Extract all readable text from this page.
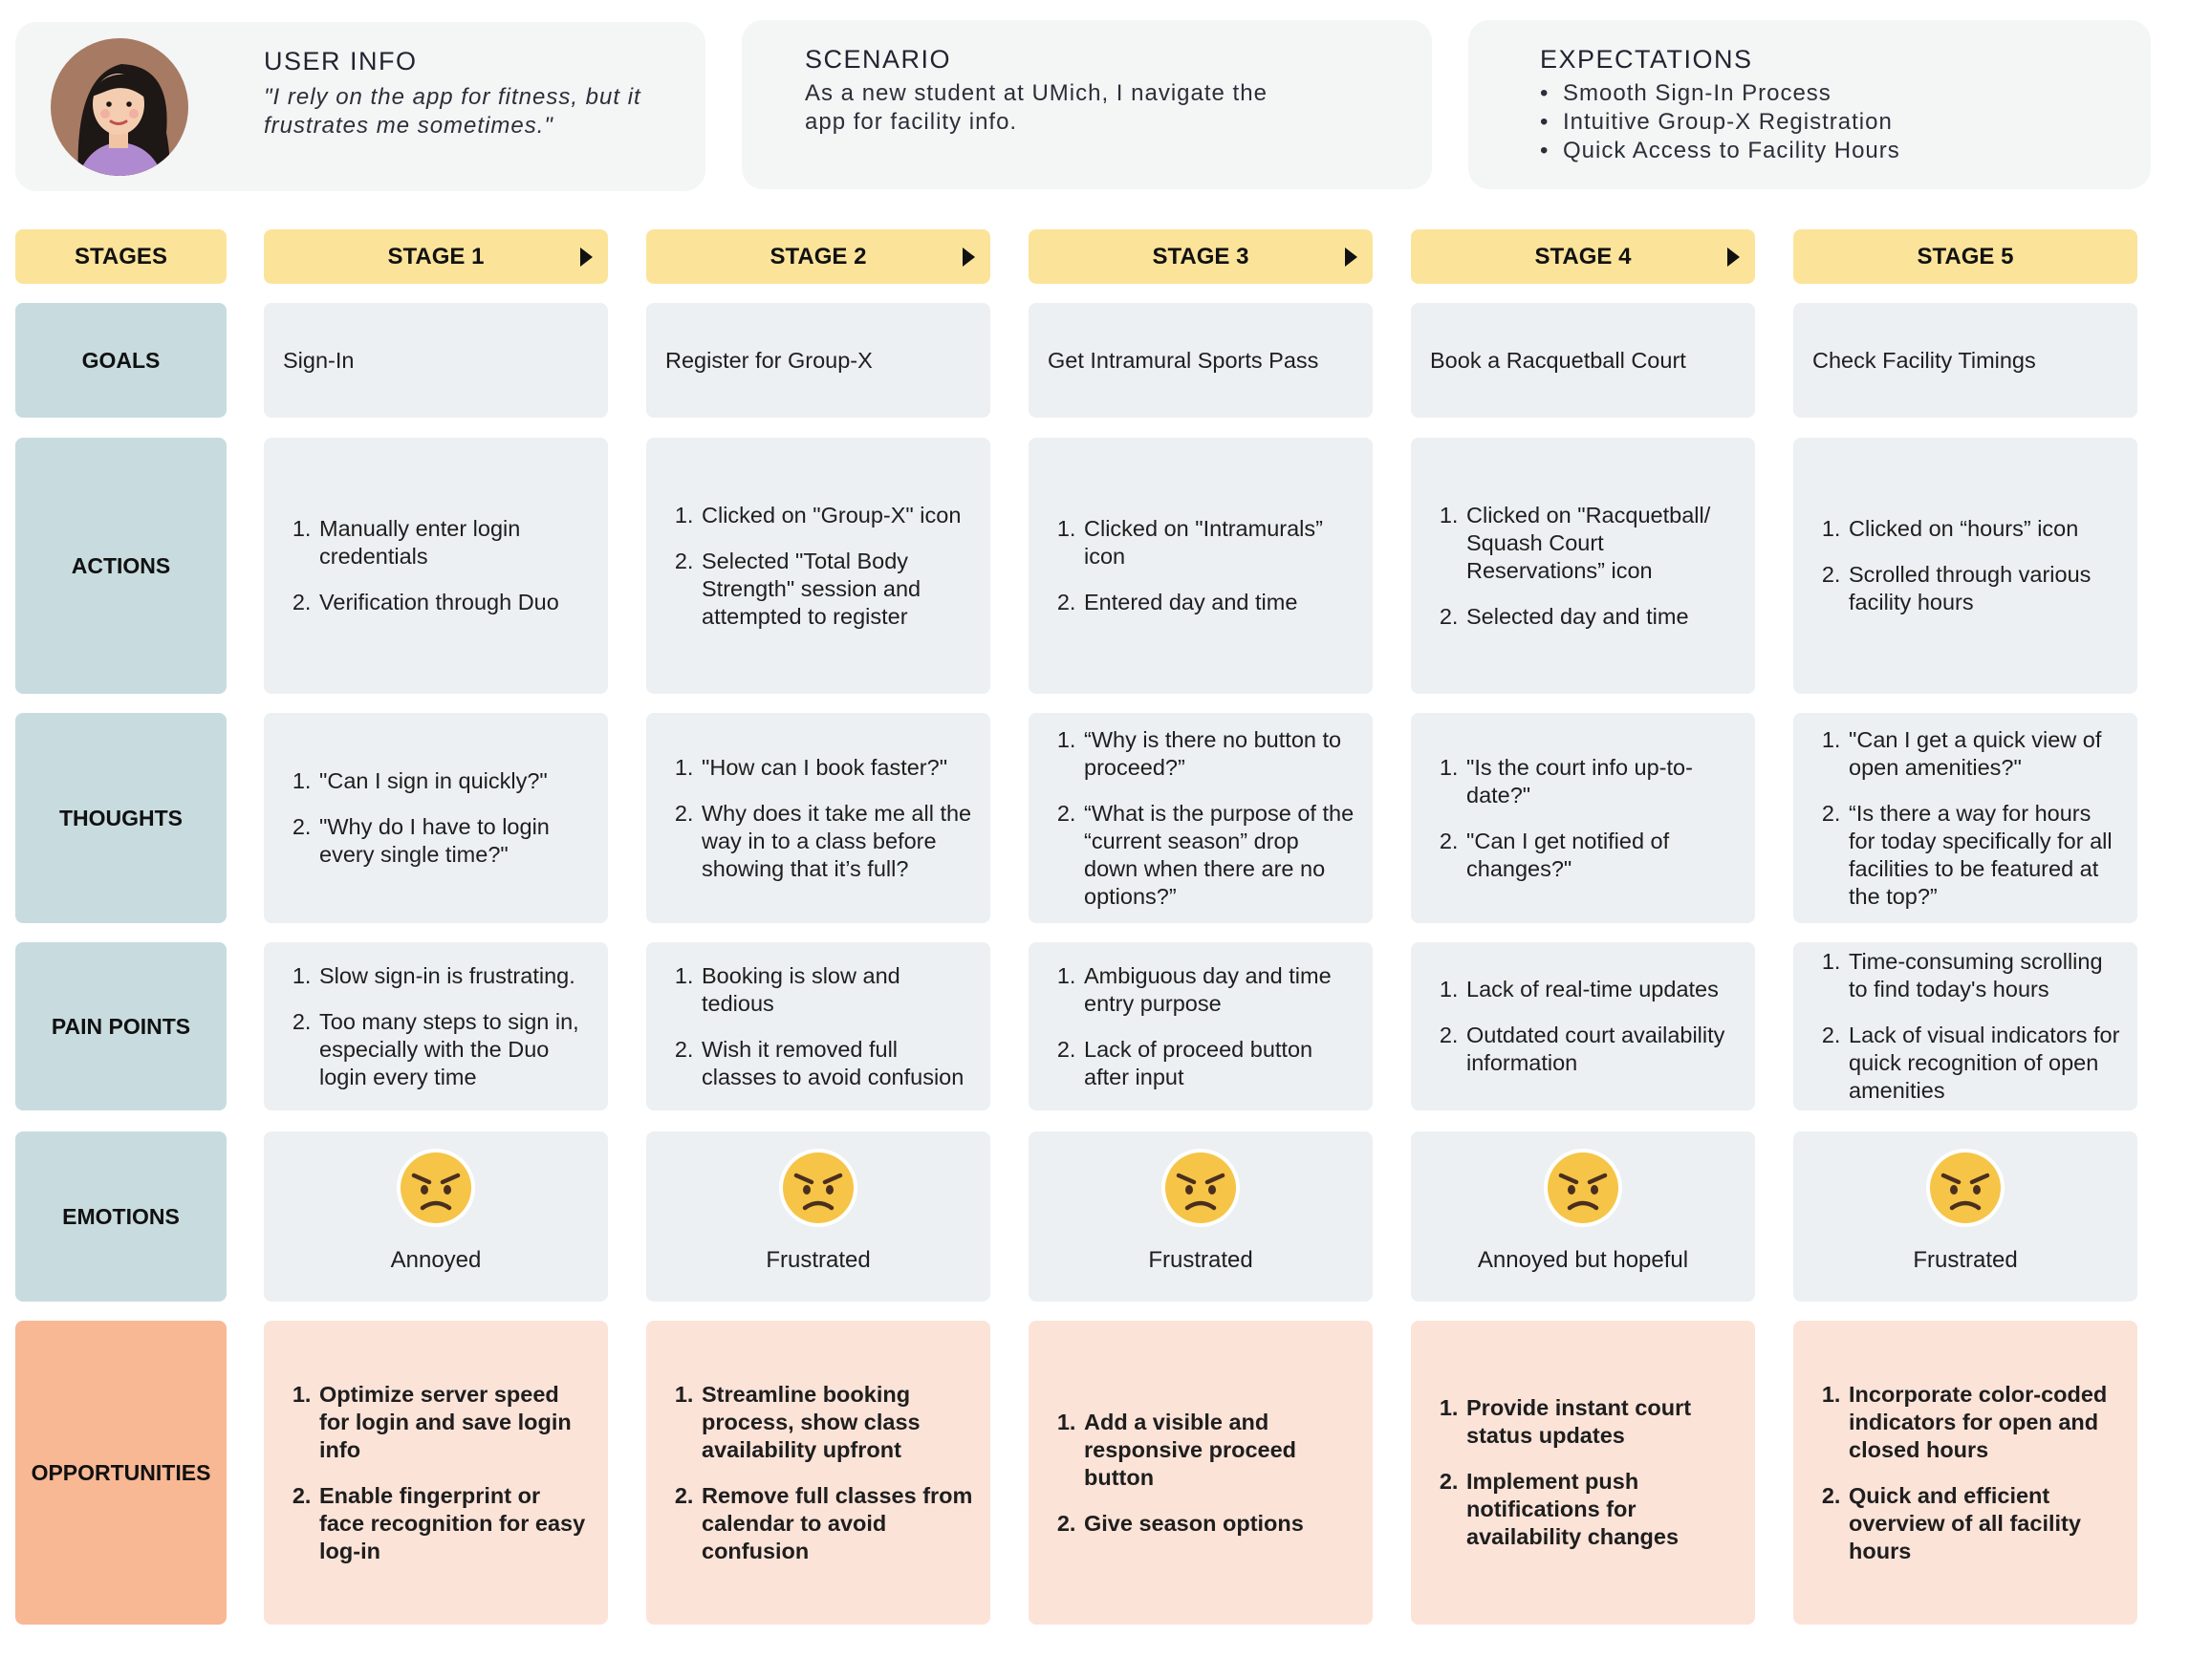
USER INFO
"I rely on the app for fitness, but it frustrates me sometimes."
SCENARIO
As a new student at UMich, I navigate the app for facility info.
EXPECTATIONS
• Smooth Sign-In Process
• Intuitive Group-X Registration
• Quick Access to Facility Hours
STAGES	STAGE 1	STAGE 2	STAGE 3	STAGE 4	STAGE 5
GOALS	Sign-In	Register for Group-X	Get Intramural Sports Pass	Book a Racquetball Court	Check Facility Timings
ACTIONS
1. Manually enter login credentials
2. Verification through Duo
1. Clicked on "Group-X" icon
2. Selected "Total Body Strength" session and attempted to register
1. Clicked on "Intramurals” icon
2. Entered day and time
1. Clicked on "Racquetball/ Squash Court Reservations” icon
2. Selected day and time
1. Clicked on “hours” icon
2. Scrolled through various facility hours
THOUGHTS
1. "Can I sign in quickly?"
2. "Why do I have to login every single time?"
1. "How can I book faster?"
2. Why does it take me all the way in to a class before showing that it’s full?
1. “Why is there no button to proceed?”
2. “What is the purpose of the “current season” drop down when there are no options?”
1. "Is the court info up-to-date?"
2. "Can I get notified of changes?"
1. "Can I get a quick view of open amenities?"
2. “Is there a way for hours for today specifically for all facilities to be featured at the top?”
PAIN POINTS
1. Slow sign-in is frustrating.
2. Too many steps to sign in, especially with the Duo login every time
1. Booking is slow and tedious
2. Wish it removed full classes to avoid confusion
1. Ambiguous day and time entry purpose
2. Lack of proceed button after input
1. Lack of real-time updates
2. Outdated court availability information
1. Time-consuming scrolling to find today's hours
2. Lack of visual indicators for quick recognition of open amenities
EMOTIONS
Annoyed	Frustrated	Frustrated	Annoyed but hopeful	Frustrated
OPPORTUNITIES
1. Optimize server speed for login and save login info
2. Enable fingerprint or face recognition for easy log-in
1. Streamline booking process, show class availability upfront
2. Remove full classes from calendar to avoid confusion
1. Add a visible and responsive proceed button
2. Give season options
1. Provide instant court status updates
2. Implement push notifications for availability changes
1. Incorporate color-coded indicators for open and closed hours
2. Quick and efficient overview of all facility hours
